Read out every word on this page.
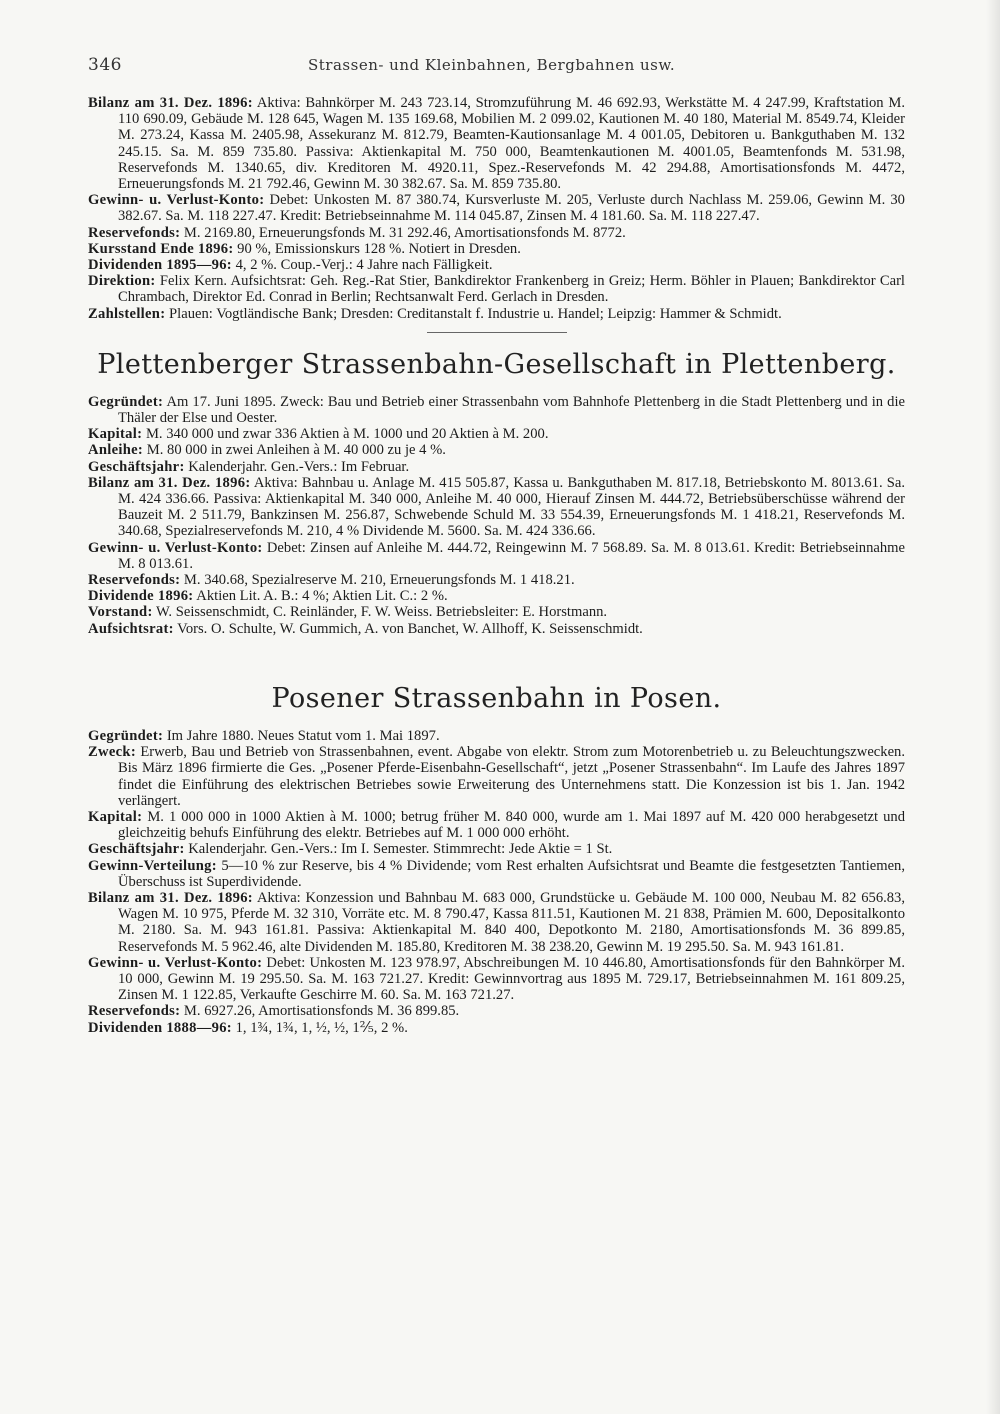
346	Strassen- und Kleinbahnen, Bergbahnen usw.

Bilanz am 31. Dez. 1896: Aktiva: Bahnkörper M. 243 723.14, Stromzuführung M. 46 692.93, Werkstätte M. 4 247.99, Kraftstation M. 110 690.09, Gebäude M. 128 645, Wagen M. 135 169.68, Mobilien M. 2 099.02, Kautionen M. 40 180, Material M. 8549.74, Kleider M. 273.24, Kassa M. 2405.98, Assekuranz M. 812.79, Beamten-Kautionsanlage M. 4 001.05, Debitoren u. Bankguthaben M. 132 245.15. Sa. M. 859 735.80. Passiva: Aktienkapital M. 750 000, Beamtenkautionen M. 4001.05, Beamtenfonds M. 531.98, Reservefonds M. 1340.65, div. Kreditoren M. 4920.11, Spez.-Reservefonds M. 42 294.88, Amortisationsfonds M. 4472, Erneuerungsfonds M. 21 792.46, Gewinn M. 30 382.67. Sa. M. 859 735.80.

Gewinn- u. Verlust-Konto: Debet: Unkosten M. 87 380.74, Kursverluste M. 205, Verluste durch Nachlass M. 259.06, Gewinn M. 30 382.67. Sa. M. 118 227.47. Kredit: Betriebseinnahme M. 114 045.87, Zinsen M. 4 181.60. Sa. M. 118 227.47.

Reservefonds: M. 2169.80, Erneuerungsfonds M. 31 292.46, Amortisationsfonds M. 8772.

Kursstand Ende 1896: 90 %, Emissionskurs 128 %. Notiert in Dresden.

Dividenden 1895—96: 4, 2 %. Coup.-Verj.: 4 Jahre nach Fälligkeit.

Direktion: Felix Kern. Aufsichtsrat: Geh. Reg.-Rat Stier, Bankdirektor Frankenberg in Greiz; Herm. Böhler in Plauen; Bankdirektor Carl Chrambach, Direktor Ed. Conrad in Berlin; Rechtsanwalt Ferd. Gerlach in Dresden.

Zahlstellen: Plauen: Vogtländische Bank; Dresden: Creditanstalt f. Industrie u. Handel; Leipzig: Hammer & Schmidt.

Plettenberger Strassenbahn-Gesellschaft in Plettenberg.

Gegründet: Am 17. Juni 1895. Zweck: Bau und Betrieb einer Strassenbahn vom Bahnhofe Plettenberg in die Stadt Plettenberg und in die Thäler der Else und Oester.

Kapital: M. 340 000 und zwar 336 Aktien à M. 1000 und 20 Aktien à M. 200.

Anleihe: M. 80 000 in zwei Anleihen à M. 40 000 zu je 4 %.

Geschäftsjahr: Kalenderjahr. Gen.-Vers.: Im Februar.

Bilanz am 31. Dez. 1896: Aktiva: Bahnbau u. Anlage M. 415 505.87, Kassa u. Bankguthaben M. 817.18, Betriebskonto M. 8013.61. Sa. M. 424 336.66. Passiva: Aktienkapital M. 340 000, Anleihe M. 40 000, Hierauf Zinsen M. 444.72, Betriebsüberschüsse während der Bauzeit M. 2 511.79, Bankzinsen M. 256.87, Schwebende Schuld M. 33 554.39, Erneuerungsfonds M. 1 418.21, Reservefonds M. 340.68, Spezialreservefonds M. 210, 4 % Dividende M. 5600. Sa. M. 424 336.66.

Gewinn- u. Verlust-Konto: Debet: Zinsen auf Anleihe M. 444.72, Reingewinn M. 7 568.89. Sa. M. 8 013.61. Kredit: Betriebseinnahme M. 8 013.61.

Reservefonds: M. 340.68, Spezialreserve M. 210, Erneuerungsfonds M. 1 418.21.

Dividende 1896: Aktien Lit. A. B.: 4 %; Aktien Lit. C.: 2 %.

Vorstand: W. Seissenschmidt, C. Reinländer, F. W. Weiss. Betriebsleiter: E. Horstmann.

Aufsichtsrat: Vors. O. Schulte, W. Gummich, A. von Banchet, W. Allhoff, K. Seissenschmidt.

Posener Strassenbahn in Posen.

Gegründet: Im Jahre 1880. Neues Statut vom 1. Mai 1897.

Zweck: Erwerb, Bau und Betrieb von Strassenbahnen, event. Abgabe von elektr. Strom zum Motorenbetrieb u. zu Beleuchtungszwecken. Bis März 1896 firmierte die Ges. „Posener Pferde-Eisenbahn-Gesellschaft“, jetzt „Posener Strassenbahn“. Im Laufe des Jahres 1897 findet die Einführung des elektrischen Betriebes sowie Erweiterung des Unternehmens statt. Die Konzession ist bis 1. Jan. 1942 verlängert.

Kapital: M. 1 000 000 in 1000 Aktien à M. 1000; betrug früher M. 840 000, wurde am 1. Mai 1897 auf M. 420 000 herabgesetzt und gleichzeitig behufs Einführung des elektr. Betriebes auf M. 1 000 000 erhöht.

Geschäftsjahr: Kalenderjahr. Gen.-Vers.: Im I. Semester. Stimmrecht: Jede Aktie = 1 St.

Gewinn-Verteilung: 5—10 % zur Reserve, bis 4 % Dividende; vom Rest erhalten Aufsichtsrat und Beamte die festgesetzten Tantiemen, Überschuss ist Superdividende.

Bilanz am 31. Dez. 1896: Aktiva: Konzession und Bahnbau M. 683 000, Grundstücke u. Gebäude M. 100 000, Neubau M. 82 656.83, Wagen M. 10 975, Pferde M. 32 310, Vorräte etc. M. 8 790.47, Kassa 811.51, Kautionen M. 21 838, Prämien M. 600, Depositalkonto M. 2180. Sa. M. 943 161.81. Passiva: Aktienkapital M. 840 400, Depotkonto M. 2180, Amortisationsfonds M. 36 899.85, Reservefonds M. 5 962.46, alte Dividenden M. 185.80, Kreditoren M. 38 238.20, Gewinn M. 19 295.50. Sa. M. 943 161.81.

Gewinn- u. Verlust-Konto: Debet: Unkosten M. 123 978.97, Abschreibungen M. 10 446.80, Amortisationsfonds für den Bahnkörper M. 10 000, Gewinn M. 19 295.50. Sa. M. 163 721.27. Kredit: Gewinnvortrag aus 1895 M. 729.17, Betriebseinnahmen M. 161 809.25, Zinsen M. 1 122.85, Verkaufte Geschirre M. 60. Sa. M. 163 721.27.

Reservefonds: M. 6927.26, Amortisationsfonds M. 36 899.85.

Dividenden 1888—96: 1, 1¾, 1¾, 1, ½, ½, 1⅖, 2 %.
